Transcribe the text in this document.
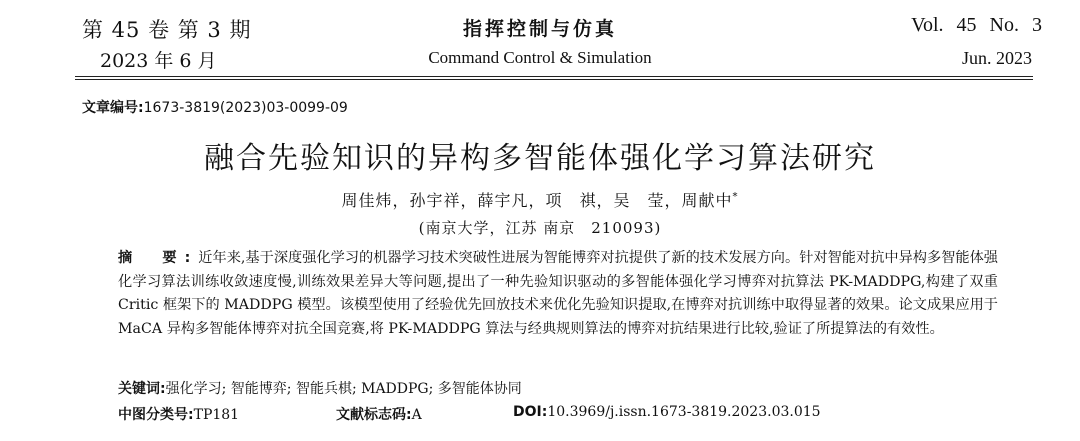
第 45 卷 第 3 期
2023 年 6 月
指挥控制与仿真
Command Control & Simulation
Vol. 45 No. 3
Jun. 2023
文章编号:1673-3819(2023)03-0099-09
融合先验知识的异构多智能体强化学习算法研究
周佳炜，孙宇祥，薛宇凡，项　祺，吴　莹，周献中*
(南京大学，江苏 南京　210093)
摘　要:近年来,基于深度强化学习的机器学习技术突破性进展为智能博弈对抗提供了新的技术发展方向。针对智能对抗中异构多智能体强化学习算法训练收敛速度慢,训练效果差异大等问题,提出了一种先验知识驱动的多智能体强化学习博弈对抗算法 PK-MADDPG,构建了双重 Critic 框架下的 MADDPG 模型。该模型使用了经验优先回放技术来优化先验知识提取,在博弈对抗训练中取得显著的效果。论文成果应用于 MaCA 异构多智能体博弈对抗全国竞赛,将 PK-MADDPG 算法与经典规则算法的博弈对抗结果进行比较,验证了所提算法的有效性。
关键词:强化学习; 智能博弈; 智能兵棋; MADDPG; 多智能体协同
中图分类号:TP181	文献标志码:A	DOI:10.3969/j.issn.1673-3819.2023.03.015
